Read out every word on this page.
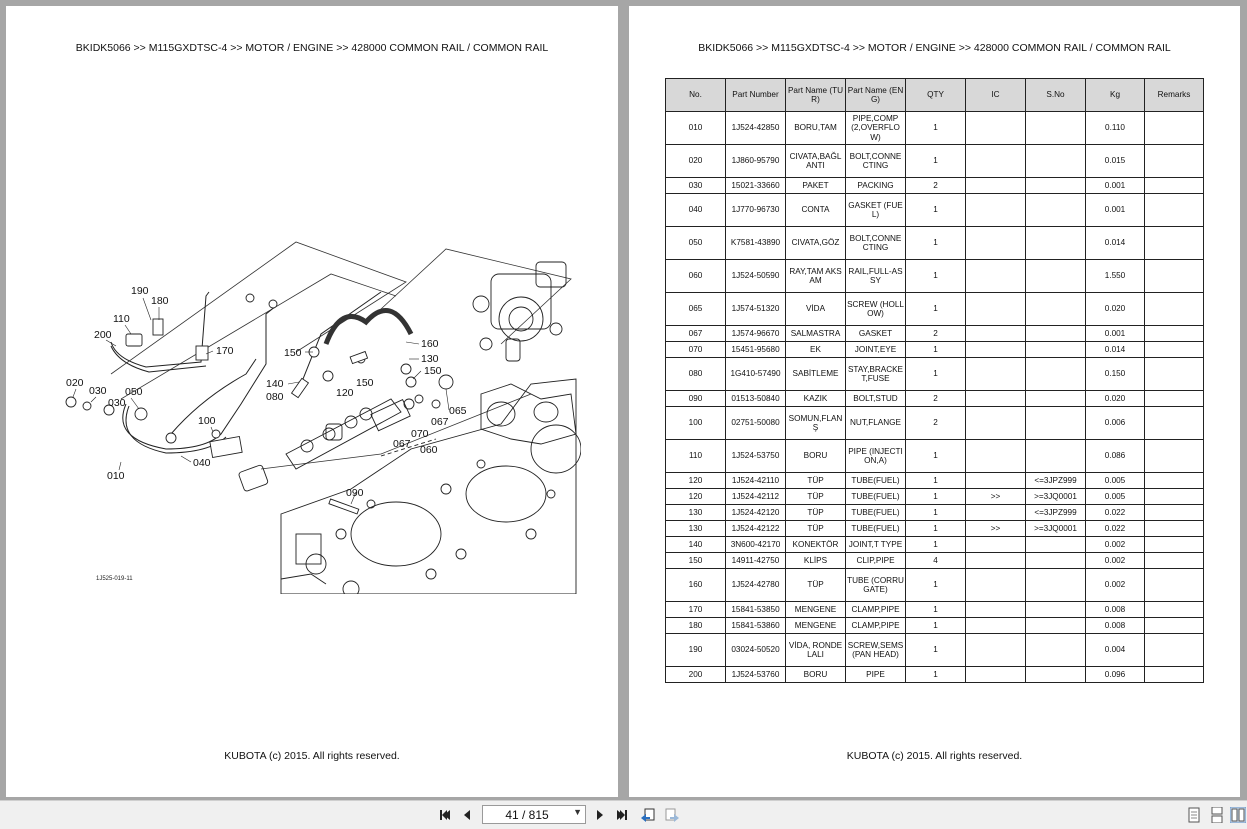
BKIDK5066 >> M115GXDTSC-4 >> MOTOR / ENGINE >> 428000 COMMON RAIL / COMMON RAIL
190
180
110
170
200
150
140
080
020
030 050
030
100
040
010
120
150
160
130
150
065
067
070
067 060
090
1J525-019-11
KUBOTA (c) 2015. All rights reserved.
BKIDK5066 >> M115GXDTSC-4 >> MOTOR / ENGINE >> 428000 COMMON RAIL / COMMON RAIL
No.	Part Number	Part Name (TUR)	Part Name (ENG)	QTY	IC	S.No	Kg	Remarks
010	1J524-42850	BORU,TAM	PIPE,COMP (2,OVERFLOW)	1			0.110	
020	1J860-95790	CIVATA,BAĞLANTI	BOLT,CONNECTING	1			0.015	
030	15021-33660	PAKET	PACKING	2			0.001	
040	1J770-96730	CONTA	GASKET (FUEL)	1			0.001	
050	K7581-43890	CIVATA,GÖZ	BOLT,CONNECTING	1			0.014	
060	1J524-50590	RAY,TAM AKSAM	RAIL,FULL-ASSY	1			1.550	
065	1J574-51320	VİDA	SCREW (HOLLOW)	1			0.020	
067	1J574-96670	SALMASTRA	GASKET	2			0.001	
070	15451-95680	EK	JOINT,EYE	1			0.014	
080	1G410-57490	SABİTLEME	STAY,BRACKET,FUSE	1			0.150	
090	01513-50840	KAZIK	BOLT,STUD	2			0.020	
100	02751-50080	SOMUN,FLANŞ	NUT,FLANGE	2			0.006	
110	1J524-53750	BORU	PIPE (INJECTION,A)	1			0.086	
120	1J524-42110	TÜP	TUBE(FUEL)	1		<=3JPZ999	0.005	
120	1J524-42112	TÜP	TUBE(FUEL)	1	>>	>=3JQ0001	0.005	
130	1J524-42120	TÜP	TUBE(FUEL)	1		<=3JPZ999	0.022	
130	1J524-42122	TÜP	TUBE(FUEL)	1	>>	>=3JQ0001	0.022	
140	3N600-42170	KONEKTÖR	JOINT,T TYPE	1			0.002	
150	14911-42750	KLİPS	CLIP,PIPE	4			0.002	
160	1J524-42780	TÜP	TUBE (CORRUGATE)	1			0.002	
170	15841-53850	MENGENE	CLAMP,PIPE	1			0.008	
180	15841-53860	MENGENE	CLAMP,PIPE	1			0.008	
190	03024-50520	VİDA, RONDELALI	SCREW,SEMS(PAN HEAD)	1			0.004	
200	1J524-53760	BORU	PIPE	1			0.096	
KUBOTA (c) 2015. All rights reserved.
41 / 815	▼
